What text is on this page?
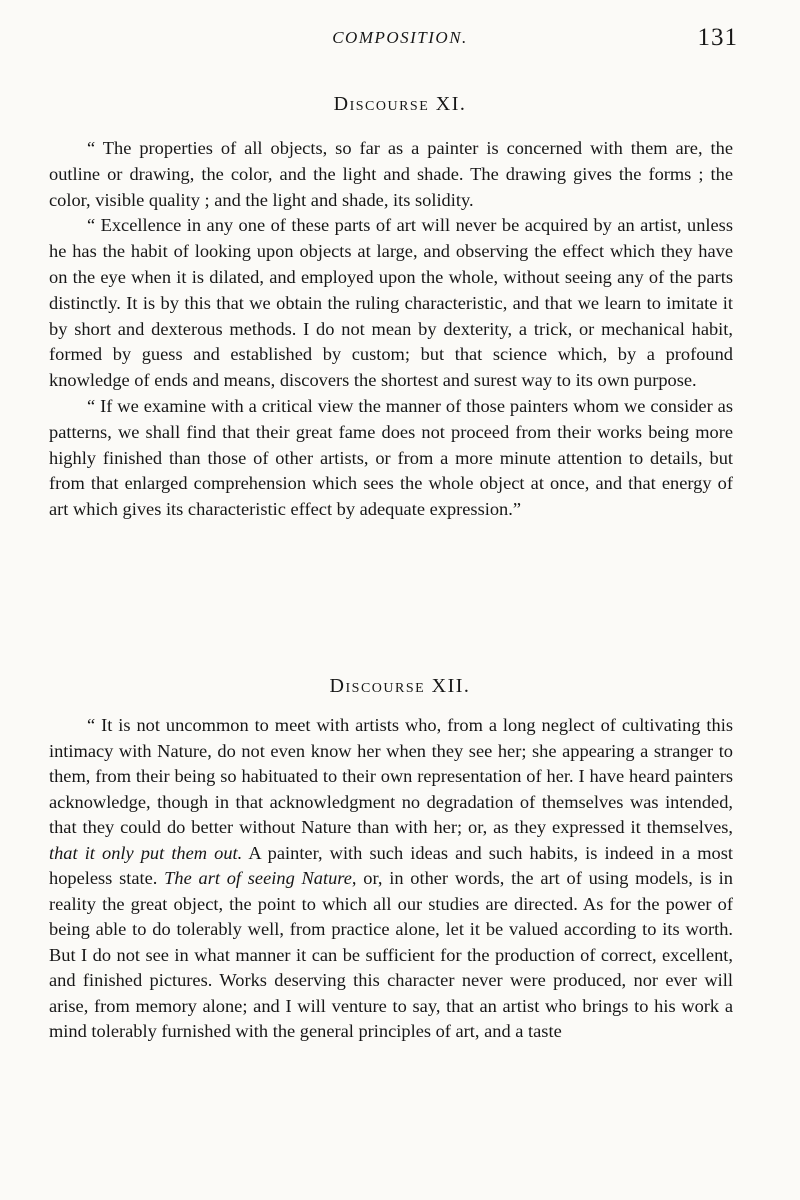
COMPOSITION.	131
Discourse XI.

“ The properties of all objects, so far as a painter is concerned with them are, the outline or drawing, the color, and the light and shade. The drawing gives the forms ; the color, visible quality ; and the light and shade, its solidity.

“ Excellence in any one of these parts of art will never be acquired by an artist, unless he has the habit of looking upon objects at large, and observing the effect which they have on the eye when it is dilated, and employed upon the whole, without seeing any of the parts distinctly. It is by this that we obtain the ruling characteristic, and that we learn to imitate it by short and dexterous methods. I do not mean by dexterity, a trick, or mechanical habit, formed by guess and established by custom; but that science which, by a profound knowledge of ends and means, discovers the shortest and surest way to its own purpose.

“ If we examine with a critical view the manner of those painters whom we consider as patterns, we shall find that their great fame does not proceed from their works being more highly finished than those of other artists, or from a more minute attention to details, but from that enlarged comprehension which sees the whole object at once, and that energy of art which gives its characteristic effect by adequate expression.”

Discourse XII.

“ It is not uncommon to meet with artists who, from a long neglect of cultivating this intimacy with Nature, do not even know her when they see her; she appearing a stranger to them, from their being so habituated to their own representation of her. I have heard painters acknowledge, though in that acknowledgment no degradation of themselves was intended, that they could do better without Nature than with her; or, as they expressed it themselves, that it only put them out. A painter, with such ideas and such habits, is indeed in a most hopeless state. The art of seeing Nature, or, in other words, the art of using models, is in reality the great object, the point to which all our studies are directed. As for the power of being able to do tolerably well, from practice alone, let it be valued according to its worth. But I do not see in what manner it can be sufficient for the production of correct, excellent, and finished pictures. Works deserving this character never were produced, nor ever will arise, from memory alone; and I will venture to say, that an artist who brings to his work a mind tolerably furnished with the general principles of art, and a taste
